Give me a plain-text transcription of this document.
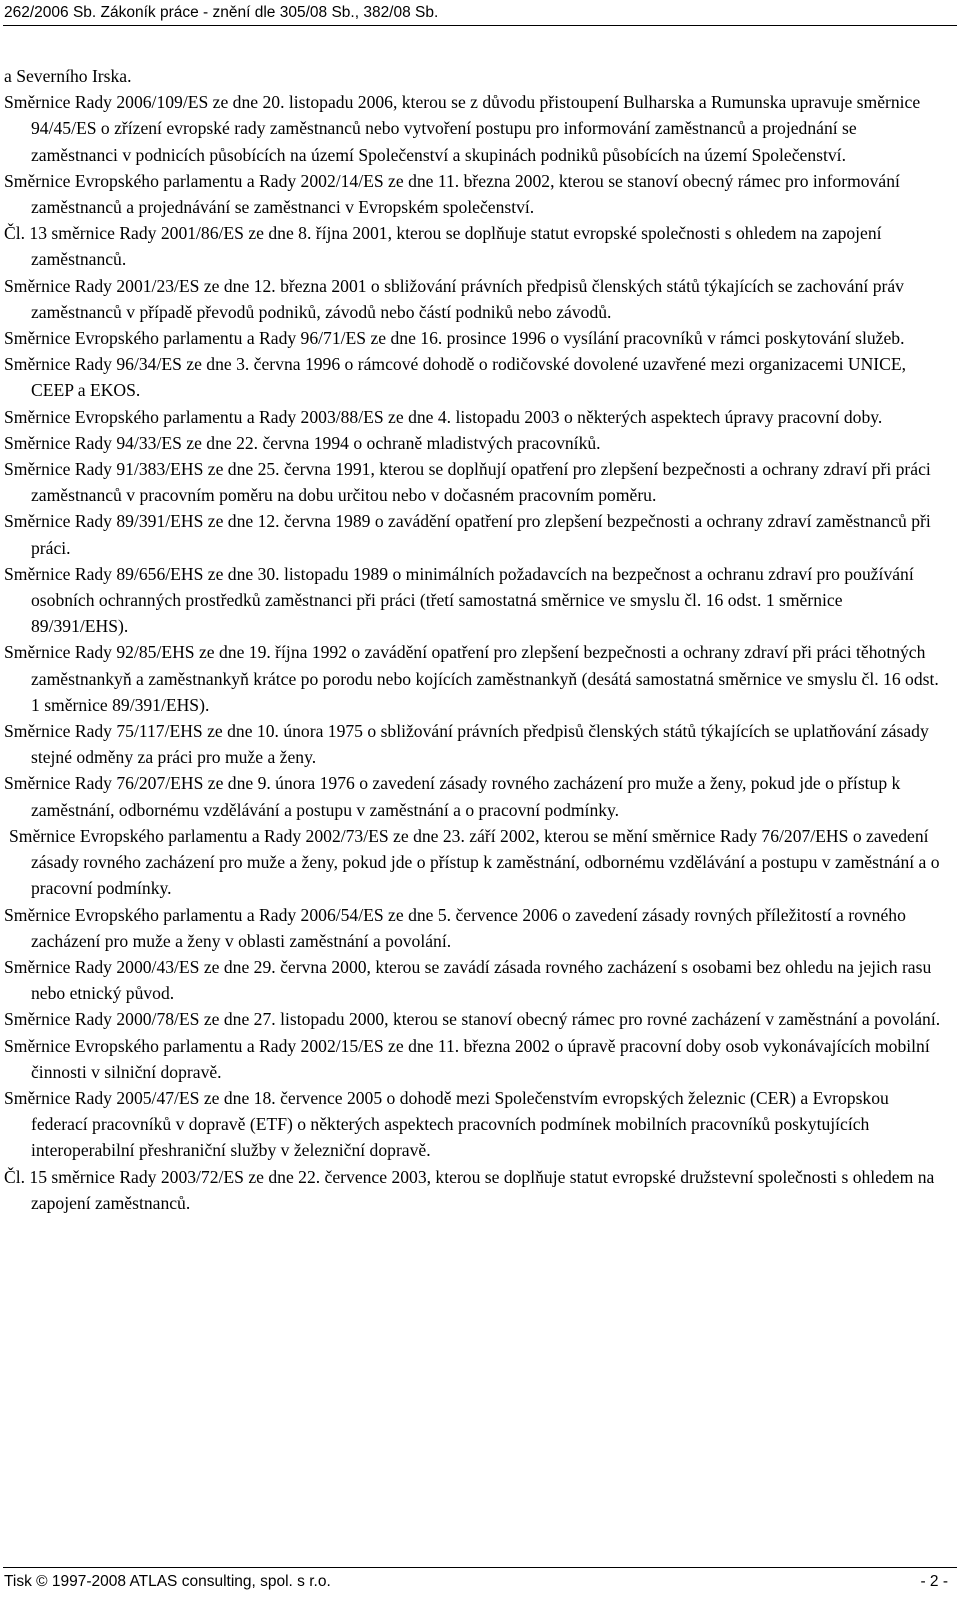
262/2006 Sb. Zákoník práce - znění dle 305/08 Sb., 382/08 Sb.

a Severního Irska.

Směrnice Rady 2006/109/ES ze dne 20. listopadu 2006, kterou se z důvodu přistoupení Bulharska a Rumunska upravuje směrnice 94/45/ES o zřízení evropské rady zaměstnanců nebo vytvoření postupu pro informování zaměstnanců a projednání se zaměstnanci v podnicích působících na území Společenství a skupinách podniků působících na území Společenství.

Směrnice Evropského parlamentu a Rady 2002/14/ES ze dne 11. března 2002, kterou se stanoví obecný rámec pro informování zaměstnanců a projednávání se zaměstnanci v Evropském společenství.

Čl. 13 směrnice Rady 2001/86/ES ze dne 8. října 2001, kterou se doplňuje statut evropské společnosti s ohledem na zapojení zaměstnanců.

Směrnice Rady 2001/23/ES ze dne 12. března 2001 o sbližování právních předpisů členských států týkajících se zachování práv zaměstnanců v případě převodů podniků, závodů nebo částí podniků nebo závodů.

Směrnice Evropského parlamentu a Rady 96/71/ES ze dne 16. prosince 1996 o vysílání pracovníků v rámci poskytování služeb.

Směrnice Rady 96/34/ES ze dne 3. června 1996 o rámcové dohodě o rodičovské dovolené uzavřené mezi organizacemi UNICE, CEEP a EKOS.

Směrnice Evropského parlamentu a Rady 2003/88/ES ze dne 4. listopadu 2003 o některých aspektech úpravy pracovní doby.

Směrnice Rady 94/33/ES ze dne 22. června 1994 o ochraně mladistvých pracovníků.

Směrnice Rady 91/383/EHS ze dne 25. června 1991, kterou se doplňují opatření pro zlepšení bezpečnosti a ochrany zdraví při práci zaměstnanců v pracovním poměru na dobu určitou nebo v dočasném pracovním poměru.

Směrnice Rady 89/391/EHS ze dne 12. června 1989 o zavádění opatření pro zlepšení bezpečnosti a ochrany zdraví zaměstnanců při práci.

Směrnice Rady 89/656/EHS ze dne 30. listopadu 1989 o minimálních požadavcích na bezpečnost a ochranu zdraví pro používání osobních ochranných prostředků zaměstnanci při práci (třetí samostatná směrnice ve smyslu čl. 16 odst. 1 směrnice 89/391/EHS).

Směrnice Rady 92/85/EHS ze dne 19. října 1992 o zavádění opatření pro zlepšení bezpečnosti a ochrany zdraví při práci těhotných zaměstnankyň a zaměstnankyň krátce po porodu nebo kojících zaměstnankyň (desátá samostatná směrnice ve smyslu čl. 16 odst. 1 směrnice 89/391/EHS).

Směrnice Rady 75/117/EHS ze dne 10. února 1975 o sbližování právních předpisů členských států týkajících se uplatňování zásady stejné odměny za práci pro muže a ženy.

Směrnice Rady 76/207/EHS ze dne 9. února 1976 o zavedení zásady rovného zacházení pro muže a ženy, pokud jde o přístup k zaměstnání, odbornému vzdělávání a postupu v zaměstnání a o pracovní podmínky.

Směrnice Evropského parlamentu a Rady 2002/73/ES ze dne 23. září 2002, kterou se mění směrnice Rady 76/207/EHS o zavedení zásady rovného zacházení pro muže a ženy, pokud jde o přístup k zaměstnání, odbornému vzdělávání a postupu v zaměstnání a o pracovní podmínky.

Směrnice Evropského parlamentu a Rady 2006/54/ES ze dne 5. července 2006 o zavedení zásady rovných příležitostí a rovného zacházení pro muže a ženy v oblasti zaměstnání a povolání.

Směrnice Rady 2000/43/ES ze dne 29. června 2000, kterou se zavádí zásada rovného zacházení s osobami bez ohledu na jejich rasu nebo etnický původ.

Směrnice Rady 2000/78/ES ze dne 27. listopadu 2000, kterou se stanoví obecný rámec pro rovné zacházení v zaměstnání a povolání.

Směrnice Evropského parlamentu a Rady 2002/15/ES ze dne 11. března 2002 o úpravě pracovní doby osob vykonávajících mobilní činnosti v silniční dopravě.

Směrnice Rady 2005/47/ES ze dne 18. července 2005 o dohodě mezi Společenstvím evropských železnic (CER) a Evropskou federací pracovníků v dopravě (ETF) o některých aspektech pracovních podmínek mobilních pracovníků poskytujících interoperabilní přeshraniční služby v železniční dopravě.

Čl. 15 směrnice Rady 2003/72/ES ze dne 22. července 2003, kterou se doplňuje statut evropské družstevní společnosti s ohledem na zapojení zaměstnanců.

Tisk © 1997-2008 ATLAS consulting, spol. s r.o.	- 2 -
